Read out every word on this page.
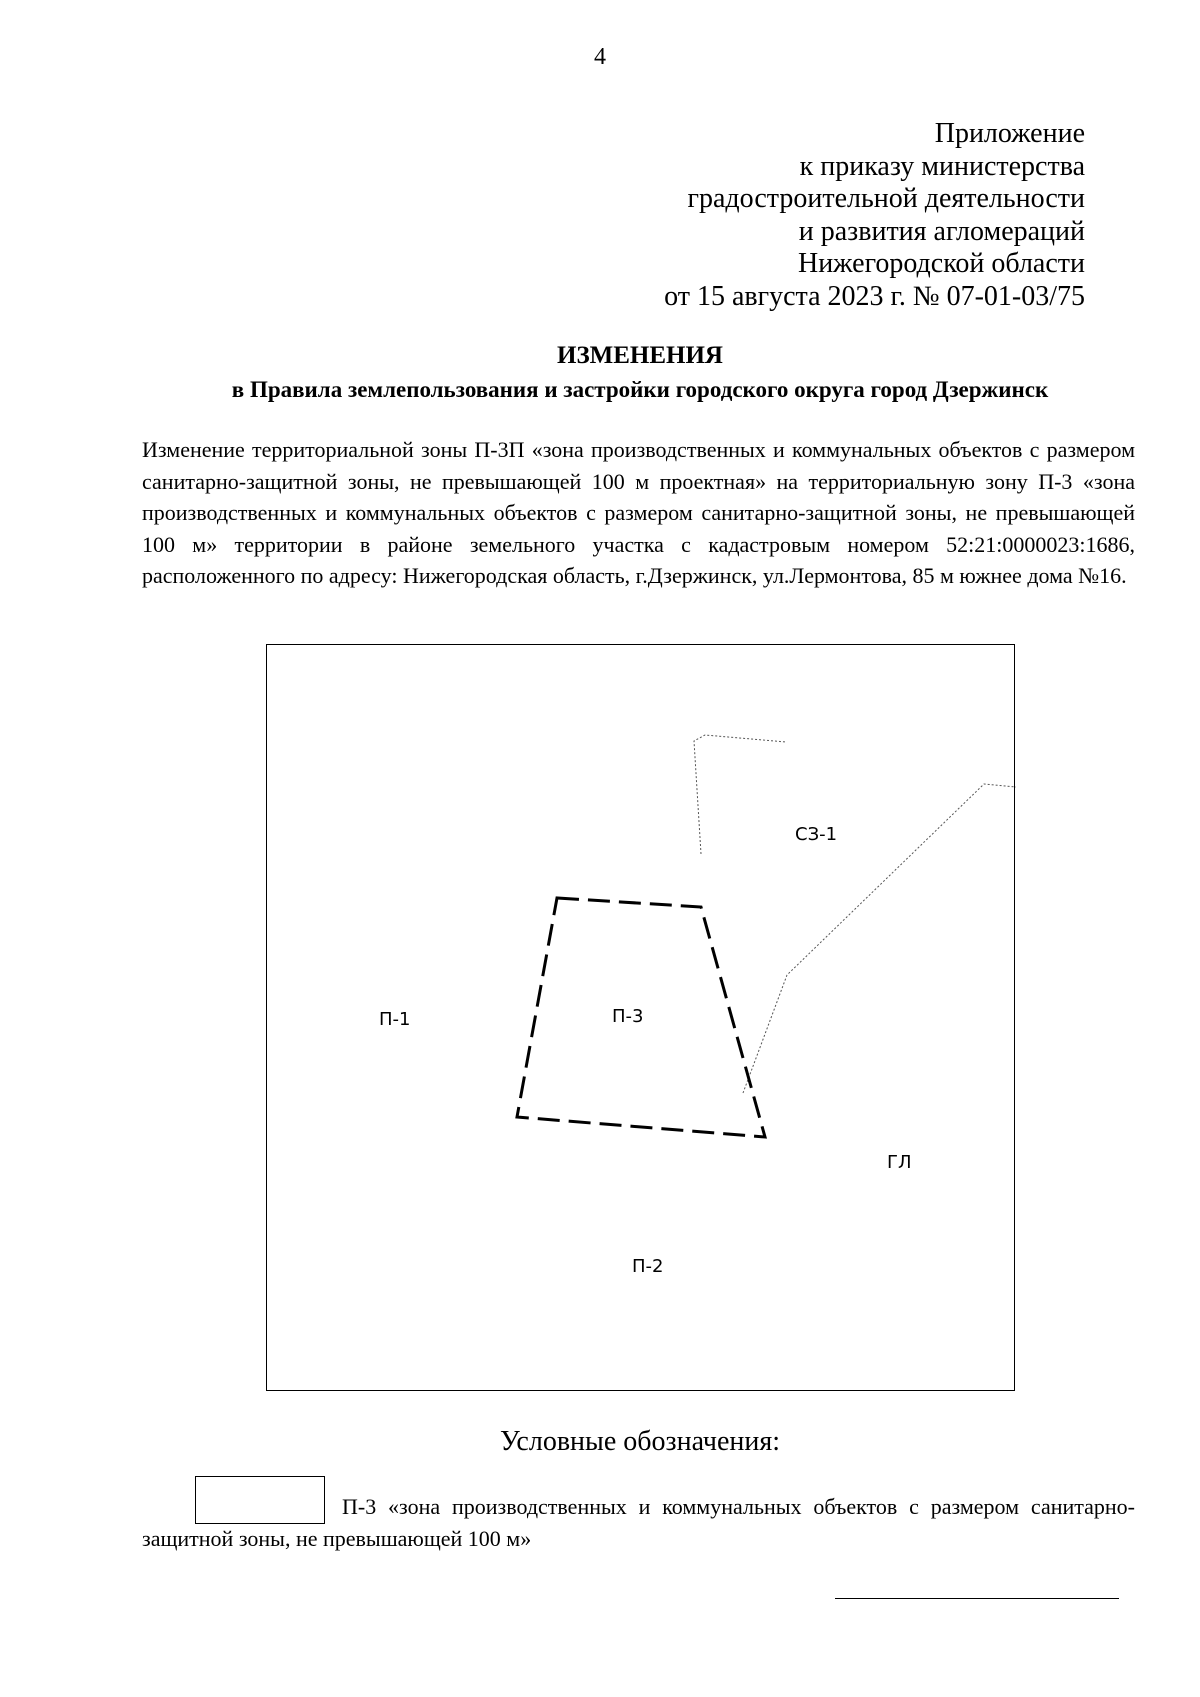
4
Приложение
к приказу министерства
градостроительной деятельности
и развития агломераций
Нижегородской области
от 15 августа 2023 г. № 07-01-03/75
ИЗМЕНЕНИЯ
в Правила землепользования и застройки городского округа город Дзержинск
Изменение территориальной зоны П-3П «зона производственных и коммунальных объектов с размером санитарно-защитной зоны, не превышающей 100 м проектная» на территориальную зону П-3 «зона производственных и коммунальных объектов с размером санитарно-защитной зоны, не превышающей 100 м» территории в районе земельного участка с кадастровым номером 52:21:0000023:1686, расположенного по адресу: Нижегородская область, г.Дзержинск, ул.Лермонтова, 85 м южнее дома №16.
СЗ-1
П-1	П-3
ГЛ
П-2
Условные обозначения:
П-3 «зона производственных и коммунальных объектов с размером санитарно-защитной зоны, не превышающей 100 м»
